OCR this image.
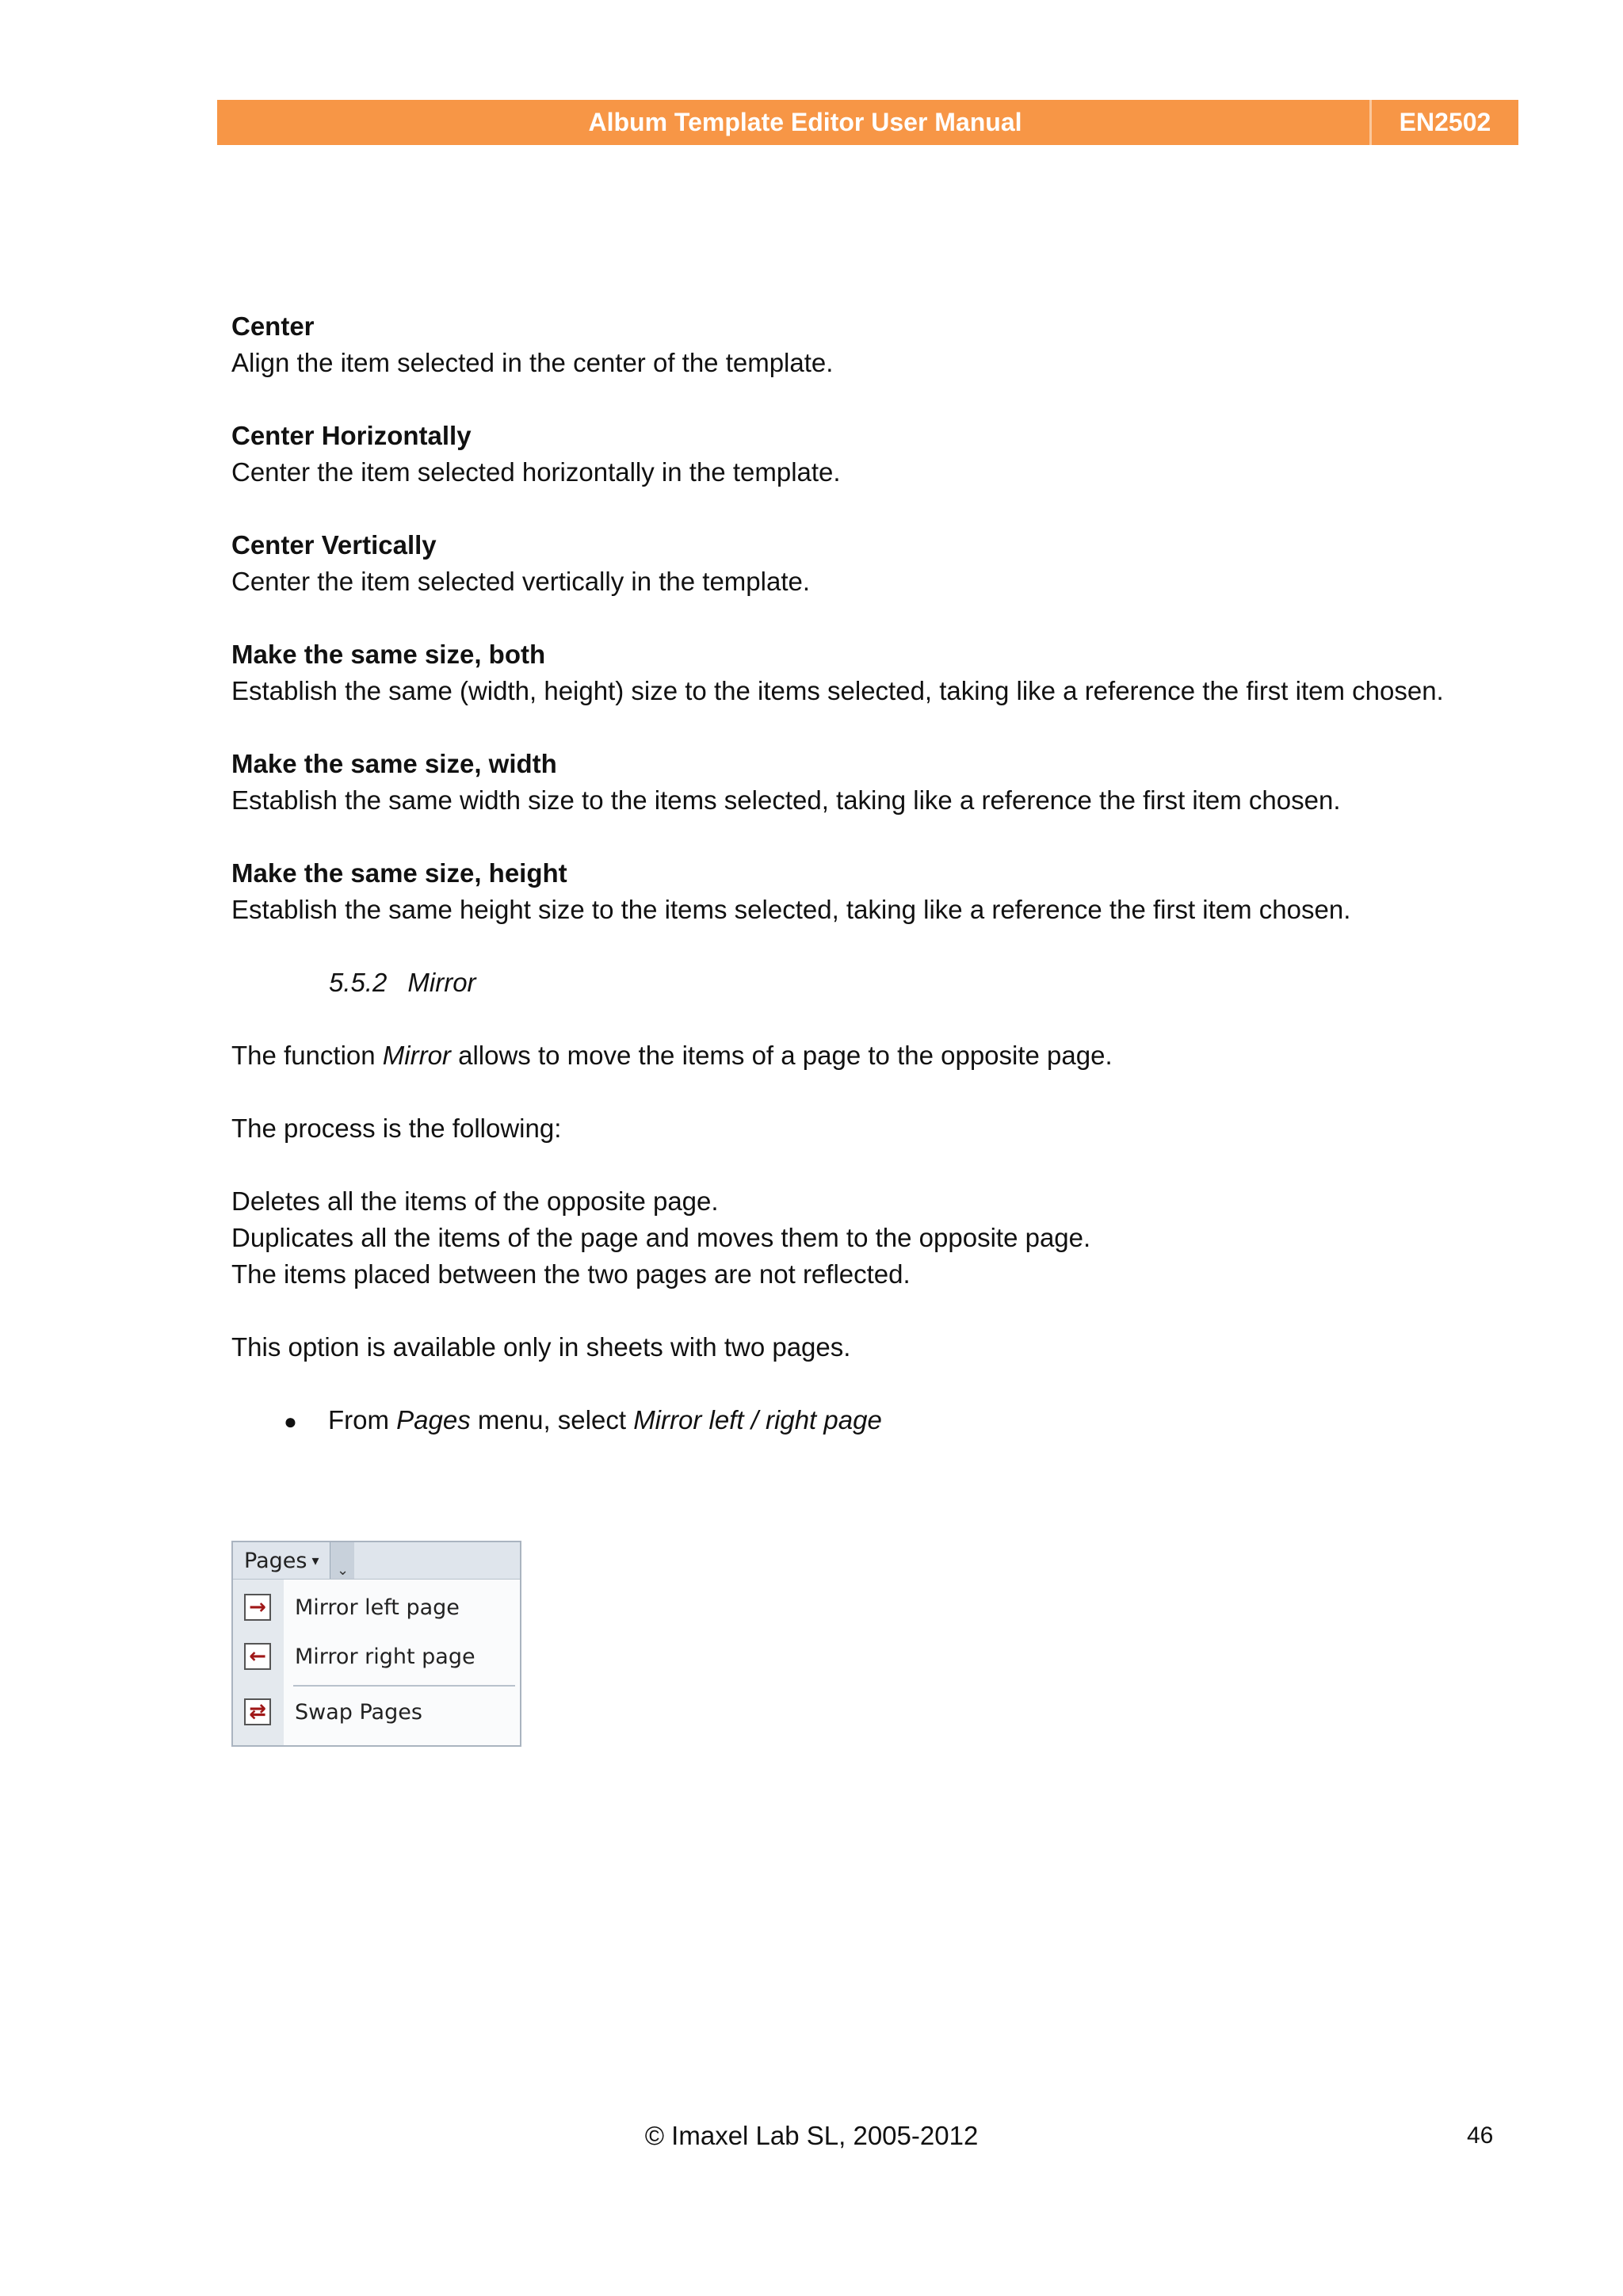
Album Template Editor User Manual	EN2502
Center
Align the item selected in the center of the template.
Center Horizontally
Center the item selected horizontally in the template.
Center Vertically
Center the item selected vertically in the template.
Make the same size, both
Establish the same (width, height) size to the items selected, taking like a reference the first item chosen.
Make the same size, width
Establish the same width size to the items selected, taking like a reference the first item chosen.
Make the same size, height
Establish the same height size to the items selected, taking like a reference the first item chosen.
5.5.2 Mirror

The function Mirror allows to move the items of a page to the opposite page.

The process is the following:

Deletes all the items of the opposite page.
Duplicates all the items of the page and moves them to the opposite page.
The items placed between the two pages are not reflected.

This option is available only in sheets with two pages.

●	From Pages menu, select Mirror left / right page
Pages ▾
⌄
→ Mirror left page
← Mirror right page
⇄ Swap Pages
© Imaxel Lab SL, 2005-2012	46
